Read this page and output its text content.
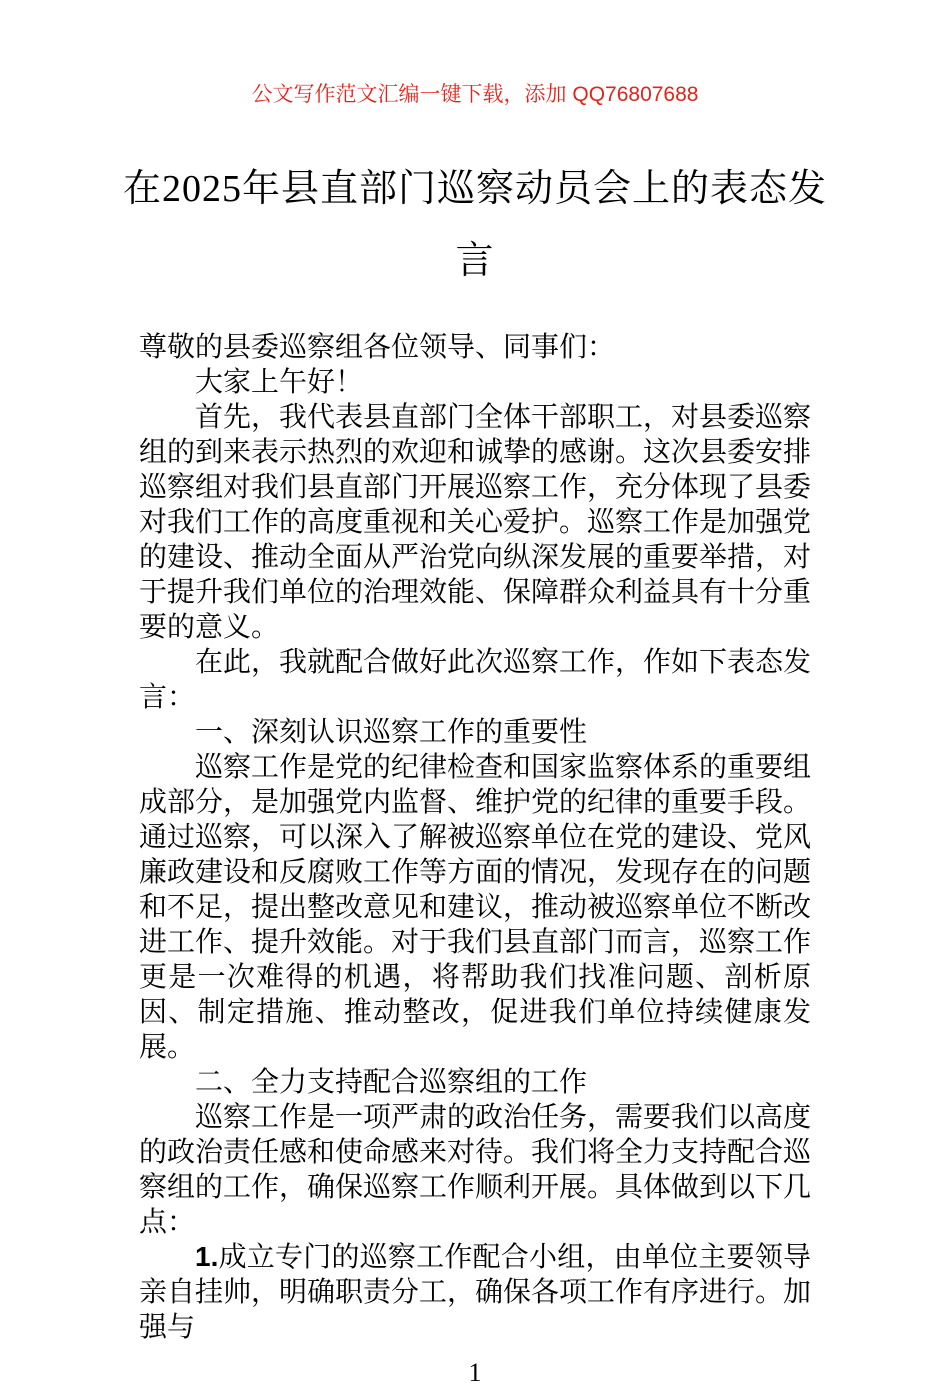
公文写作范文汇编一键下载，添加 QQ76807688
在2025年县直部门巡察动员会上的表态发
言

尊敬的县委巡察组各位领导、同事们：

大家上午好！

首先，我代表县直部门全体干部职工，对县委巡察组的到来表示热烈的欢迎和诚挚的感谢。这次县委安排巡察组对我们县直部门开展巡察工作，充分体现了县委对我们工作的高度重视和关心爱护。巡察工作是加强党的建设、推动全面从严治党向纵深发展的重要举措，对于提升我们单位的治理效能、保障群众利益具有十分重要的意义。

在此，我就配合做好此次巡察工作，作如下表态发言：

一、深刻认识巡察工作的重要性

巡察工作是党的纪律检查和国家监察体系的重要组成部分，是加强党内监督、维护党的纪律的重要手段。通过巡察，可以深入了解被巡察单位在党的建设、党风廉政建设和反腐败工作等方面的情况，发现存在的问题和不足，提出整改意见和建议，推动被巡察单位不断改进工作、提升效能。对于我们县直部门而言，巡察工作更是一次难得的机遇，将帮助我们找准问题、剖析原因、制定措施、推动整改，促进我们单位持续健康发展。

二、全力支持配合巡察组的工作

巡察工作是一项严肃的政治任务，需要我们以高度的政治责任感和使命感来对待。我们将全力支持配合巡察组的工作，确保巡察工作顺利开展。具体做到以下几点：

1.成立专门的巡察工作配合小组，由单位主要领导亲自挂帅，明确职责分工，确保各项工作有序进行。加强与

1
